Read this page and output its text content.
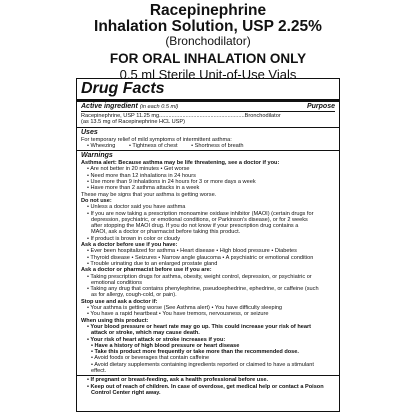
Racepinephrine
Inhalation Solution, USP 2.25%
(Bronchodilator)
FOR ORAL INHALATION ONLY
0.5 ml Sterile Unit-of-Use Vials
Drug Facts
Active ingredient (in each 0.5 ml)	Purpose
Racepinephrine, USP 11.25 mg.......................................................Bronchodilator
(as 13.5 mg of Racepinephrine HCL USP)
Uses
For temporary relief of mild symptoms of intermittent asthma:
• Wheezing • Tightness of chest • Shortness of breath
Warnings
Asthma alert: Because asthma may be life threatening, see a doctor if you:
• Are not better in 20 minutes • Get worse
• Need more than 12 inhalations in 24 hours
• Use more than 9 inhalations in 24 hours for 3 or more days a week
• Have more than 2 asthma attacks in a week
These may be signs that your asthma is getting worse.
Do not use:
• Unless a doctor said you have asthma
• If you are now taking a prescription monoamine oxidase inhibitor (MAOI) (certain drugs for
depression, psychiatric, or emotional conditions, or Parkinson's disease), or for 2 weeks
after stopping the MAOI drug. If you do not know if your prescription drug contains a
MAOI, ask a doctor or pharmacist before taking this product.
• If product is brown in color or cloudy
Ask a doctor before use if you have:
• Ever been hospitalized for asthma • Heart disease • High blood pressure • Diabetes
• Thyroid disease • Seizures • Narrow angle glaucoma • A psychiatric or emotional condition
• Trouble urinating due to an enlarged prostate gland
Ask a doctor or pharmacist before use if you are:
• Taking prescription drugs for asthma, obesity, weight control, depression, or psychiatric or
emotional conditions
• Taking any drug that contains phenylephrine, pseudoephedrine, ephedrine, or caffeine (such
as for allergy, cough-cold, or pain).
Stop use and ask a doctor if:
• Your asthma is getting worse (See Asthma alert) • You have difficulty sleeping
• You have a rapid heartbeat • You have tremors, nervousness, or seizure
When using this product:
• Your blood pressure or heart rate may go up. This could increase your risk of heart
attack or stroke, which may cause death.
• Your risk of heart attack or stroke increases if you:
• Have a history of high blood pressure or heart disease
• Take this product more frequently or take more than the recommended dose.
• Avoid foods or beverages that contain caffeine
• Avoid dietary supplements containing ingredients reported or claimed to have a stimulant
effect.
• If pregnant or breast-feeding, ask a health professional before use.
• Keep out of reach of children. In case of overdose, get medical help or contact a Poison
Control Center right away.
